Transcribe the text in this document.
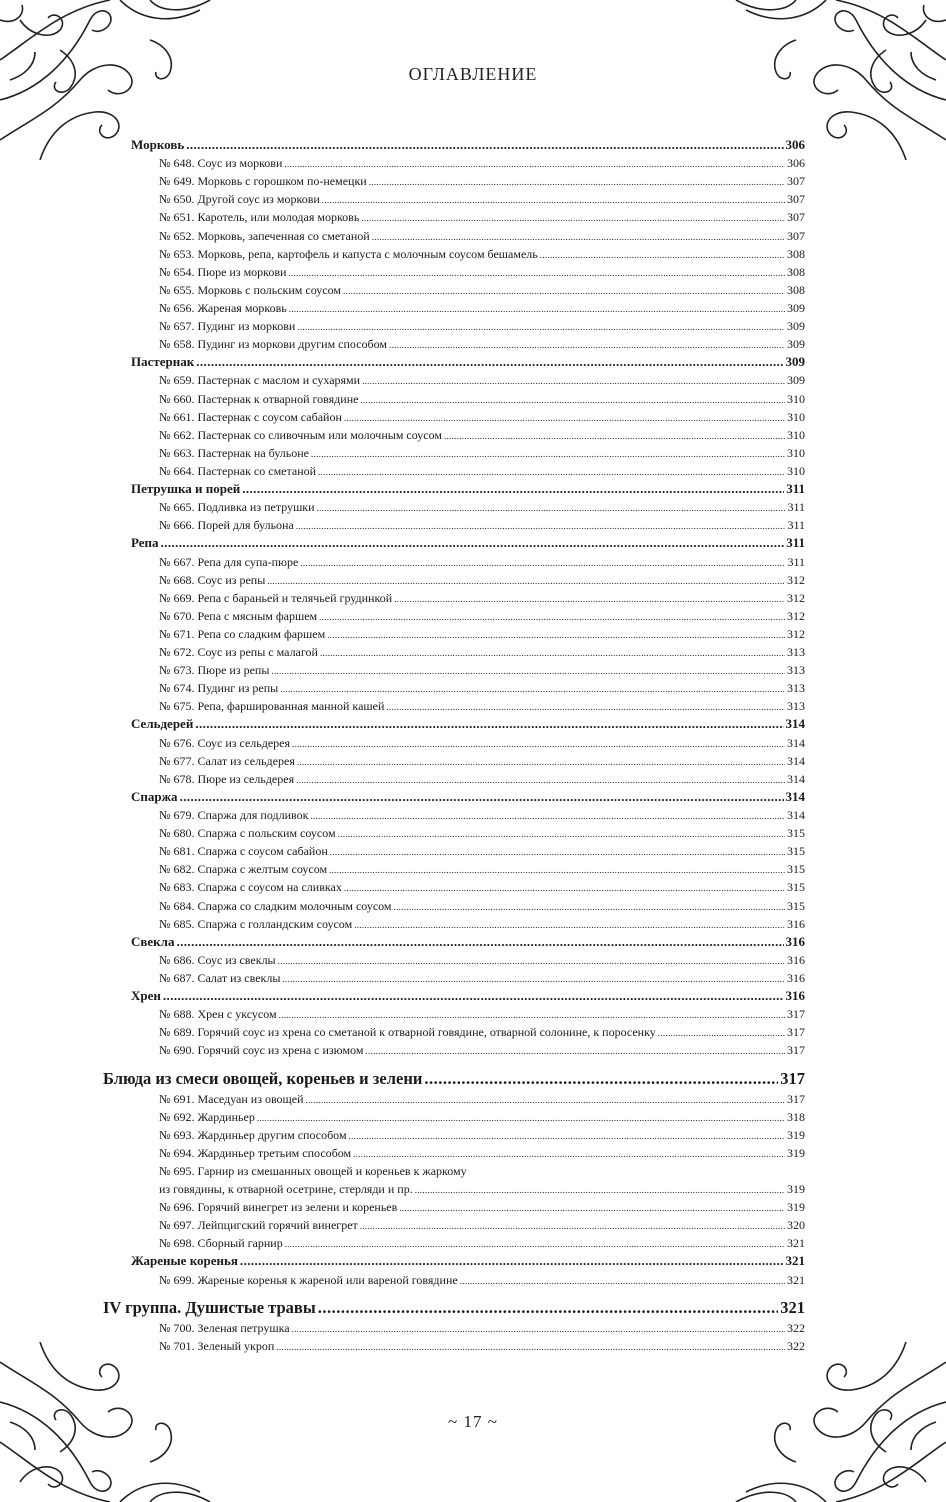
ОГЛАВЛЕНИЕ
Морковь .....	306
№ 648. Соус из моркови .....	306
№ 649. Морковь с горошком по-немецки .....	307
№ 650. Другой соус из моркови .....	307
№ 651. Каротель, или молодая морковь .....	307
№ 652. Морковь, запеченная со сметаной .....	307
№ 653. Морковь, репа, картофель и капуста с молочным соусом бешамель .....	308
№ 654. Пюре из моркови .....	308
№ 655. Морковь с польским соусом .....	308
№ 656. Жареная морковь .....	309
№ 657. Пудинг из моркови .....	309
№ 658. Пудинг из моркови другим способом .....	309
Пастернак .....	309
№ 659. Пастернак с маслом и сухарями .....	309
№ 660. Пастернак к отварной говядине .....	310
№ 661. Пастернак с соусом сабайон .....	310
№ 662. Пастернак со сливочным или молочным соусом .....	310
№ 663. Пастернак на бульоне .....	310
№ 664. Пастернак со сметаной .....	310
Петрушка и порей .....	311
№ 665. Подливка из петрушки .....	311
№ 666. Порей для бульона .....	311
Репа .....	311
№ 667. Репа для супа-пюре .....	311
№ 668. Соус из репы .....	312
№ 669. Репа с бараньей и телячьей грудинкой .....	312
№ 670. Репа с мясным фаршем .....	312
№ 671. Репа со сладким фаршем .....	312
№ 672. Соус из репы с малагой .....	313
№ 673. Пюре из репы .....	313
№ 674. Пудинг из репы .....	313
№ 675. Репа, фаршированная манной кашей .....	313
Сельдерей .....	314
№ 676. Соус из сельдерея .....	314
№ 677. Салат из сельдерея .....	314
№ 678. Пюре из сельдерея .....	314
Спаржа .....	314
№ 679. Спаржа для подливок .....	314
№ 680. Спаржа с польским соусом .....	315
№ 681. Спаржа с соусом сабайон .....	315
№ 682. Спаржа с желтым соусом .....	315
№ 683. Спаржа с соусом на сливках .....	315
№ 684. Спаржа со сладким молочным соусом .....	315
№ 685. Спаржа с голландским соусом .....	316
Свекла .....	316
№ 686. Соус из свеклы .....	316
№ 687. Салат из свеклы .....	316
Хрен .....	316
№ 688. Хрен с уксусом .....	317
№ 689. Горячий соус из хрена со сметаной к отварной говядине, отварной солонине, к поросенку .....	317
№ 690. Горячий соус из хрена с изюмом .....	317
Блюда из смеси овощей, кореньев и зелени .....	317
№ 691. Маседуан из овощей .....	317
№ 692. Жардиньер .....	318
№ 693. Жардиньер другим способом .....	319
№ 694. Жардиньер третьим способом .....	319
№ 695. Гарнир из смешанных овощей и кореньев к жаркому
из говядины, к отварной осетрине, стерляди и пр. .....	319
№ 696. Горячий винегрет из зелени и кореньев .....	319
№ 697. Лейпцигский горячий винегрет .....	320
№ 698. Сборный гарнир .....	321
Жареные коренья .....	321
№ 699. Жареные коренья к жареной или вареной говядине .....	321
IV группа. Душистые травы .....	321
№ 700. Зеленая петрушка .....	322
№ 701. Зеленый укроп .....	322
~ 17 ~
